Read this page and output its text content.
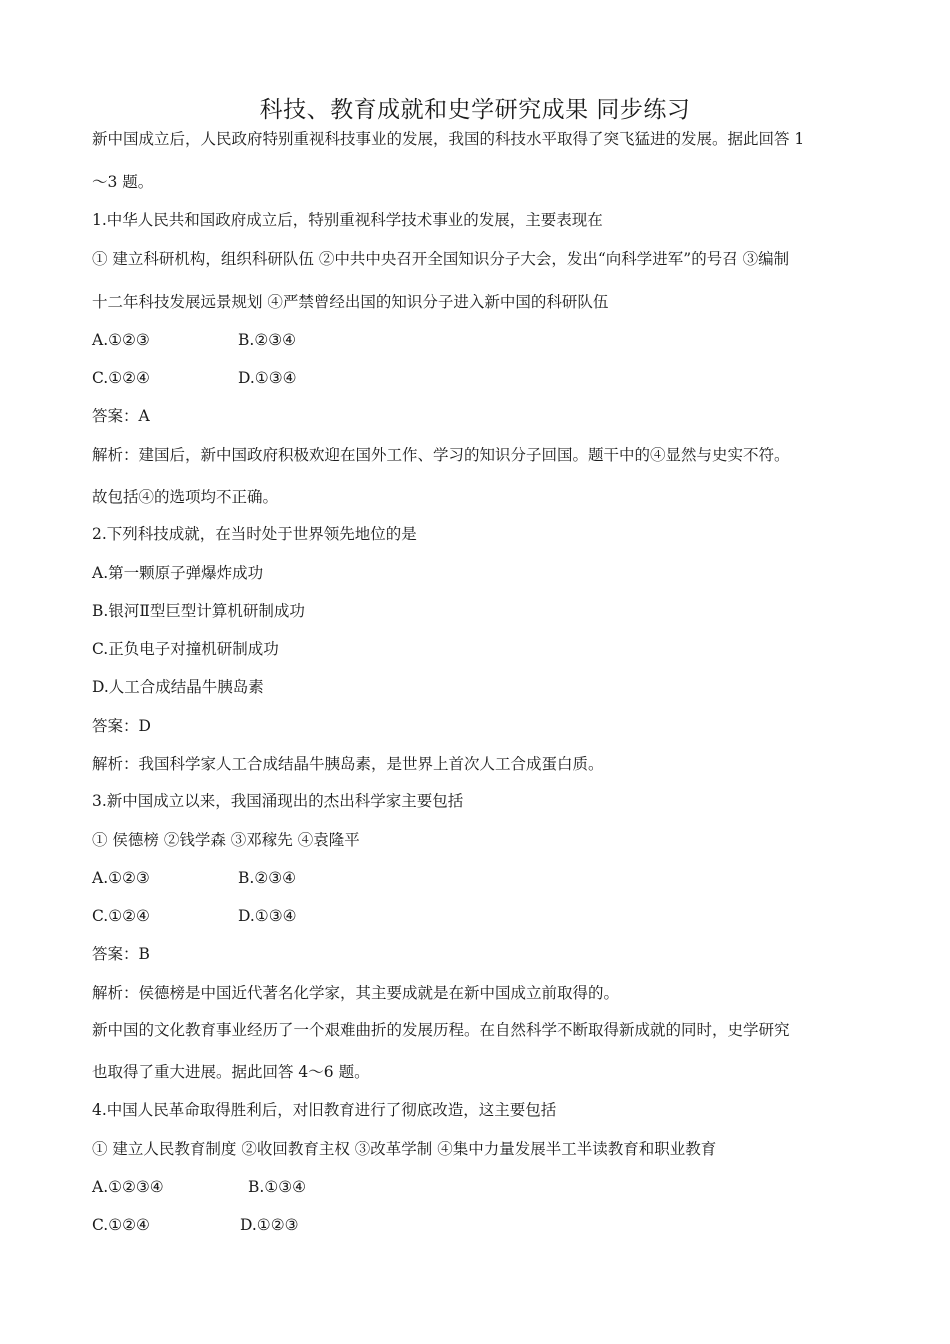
科技、教育成就和史学研究成果 同步练习
新中国成立后，人民政府特别重视科技事业的发展，我国的科技水平取得了突飞猛进的发展。据此回答 1
～3 题。
1.中华人民共和国政府成立后，特别重视科学技术事业的发展，主要表现在
① 建立科研机构，组织科研队伍 ②中共中央召开全国知识分子大会，发出“向科学进军”的号召 ③编制
十二年科技发展远景规划 ④严禁曾经出国的知识分子进入新中国的科研队伍
A.①②③	B.②③④
C.①②④	D.①③④
答案：A
解析：建国后，新中国政府积极欢迎在国外工作、学习的知识分子回国。题干中的④显然与史实不符。
故包括④的选项均不正确。
2.下列科技成就，在当时处于世界领先地位的是
A.第一颗原子弹爆炸成功
B.银河Ⅱ型巨型计算机研制成功
C.正负电子对撞机研制成功
D.人工合成结晶牛胰岛素
答案：D
解析：我国科学家人工合成结晶牛胰岛素，是世界上首次人工合成蛋白质。
3.新中国成立以来，我国涌现出的杰出科学家主要包括
① 侯德榜 ②钱学森 ③邓稼先 ④袁隆平
A.①②③	B.②③④
C.①②④	D.①③④
答案：B
解析：侯德榜是中国近代著名化学家，其主要成就是在新中国成立前取得的。
新中国的文化教育事业经历了一个艰难曲折的发展历程。在自然科学不断取得新成就的同时，史学研究
也取得了重大进展。据此回答 4～6 题。
4.中国人民革命取得胜利后，对旧教育进行了彻底改造，这主要包括
① 建立人民教育制度 ②收回教育主权 ③改革学制 ④集中力量发展半工半读教育和职业教育
A.①②③④	B.①③④
C.①②④	D.①②③
